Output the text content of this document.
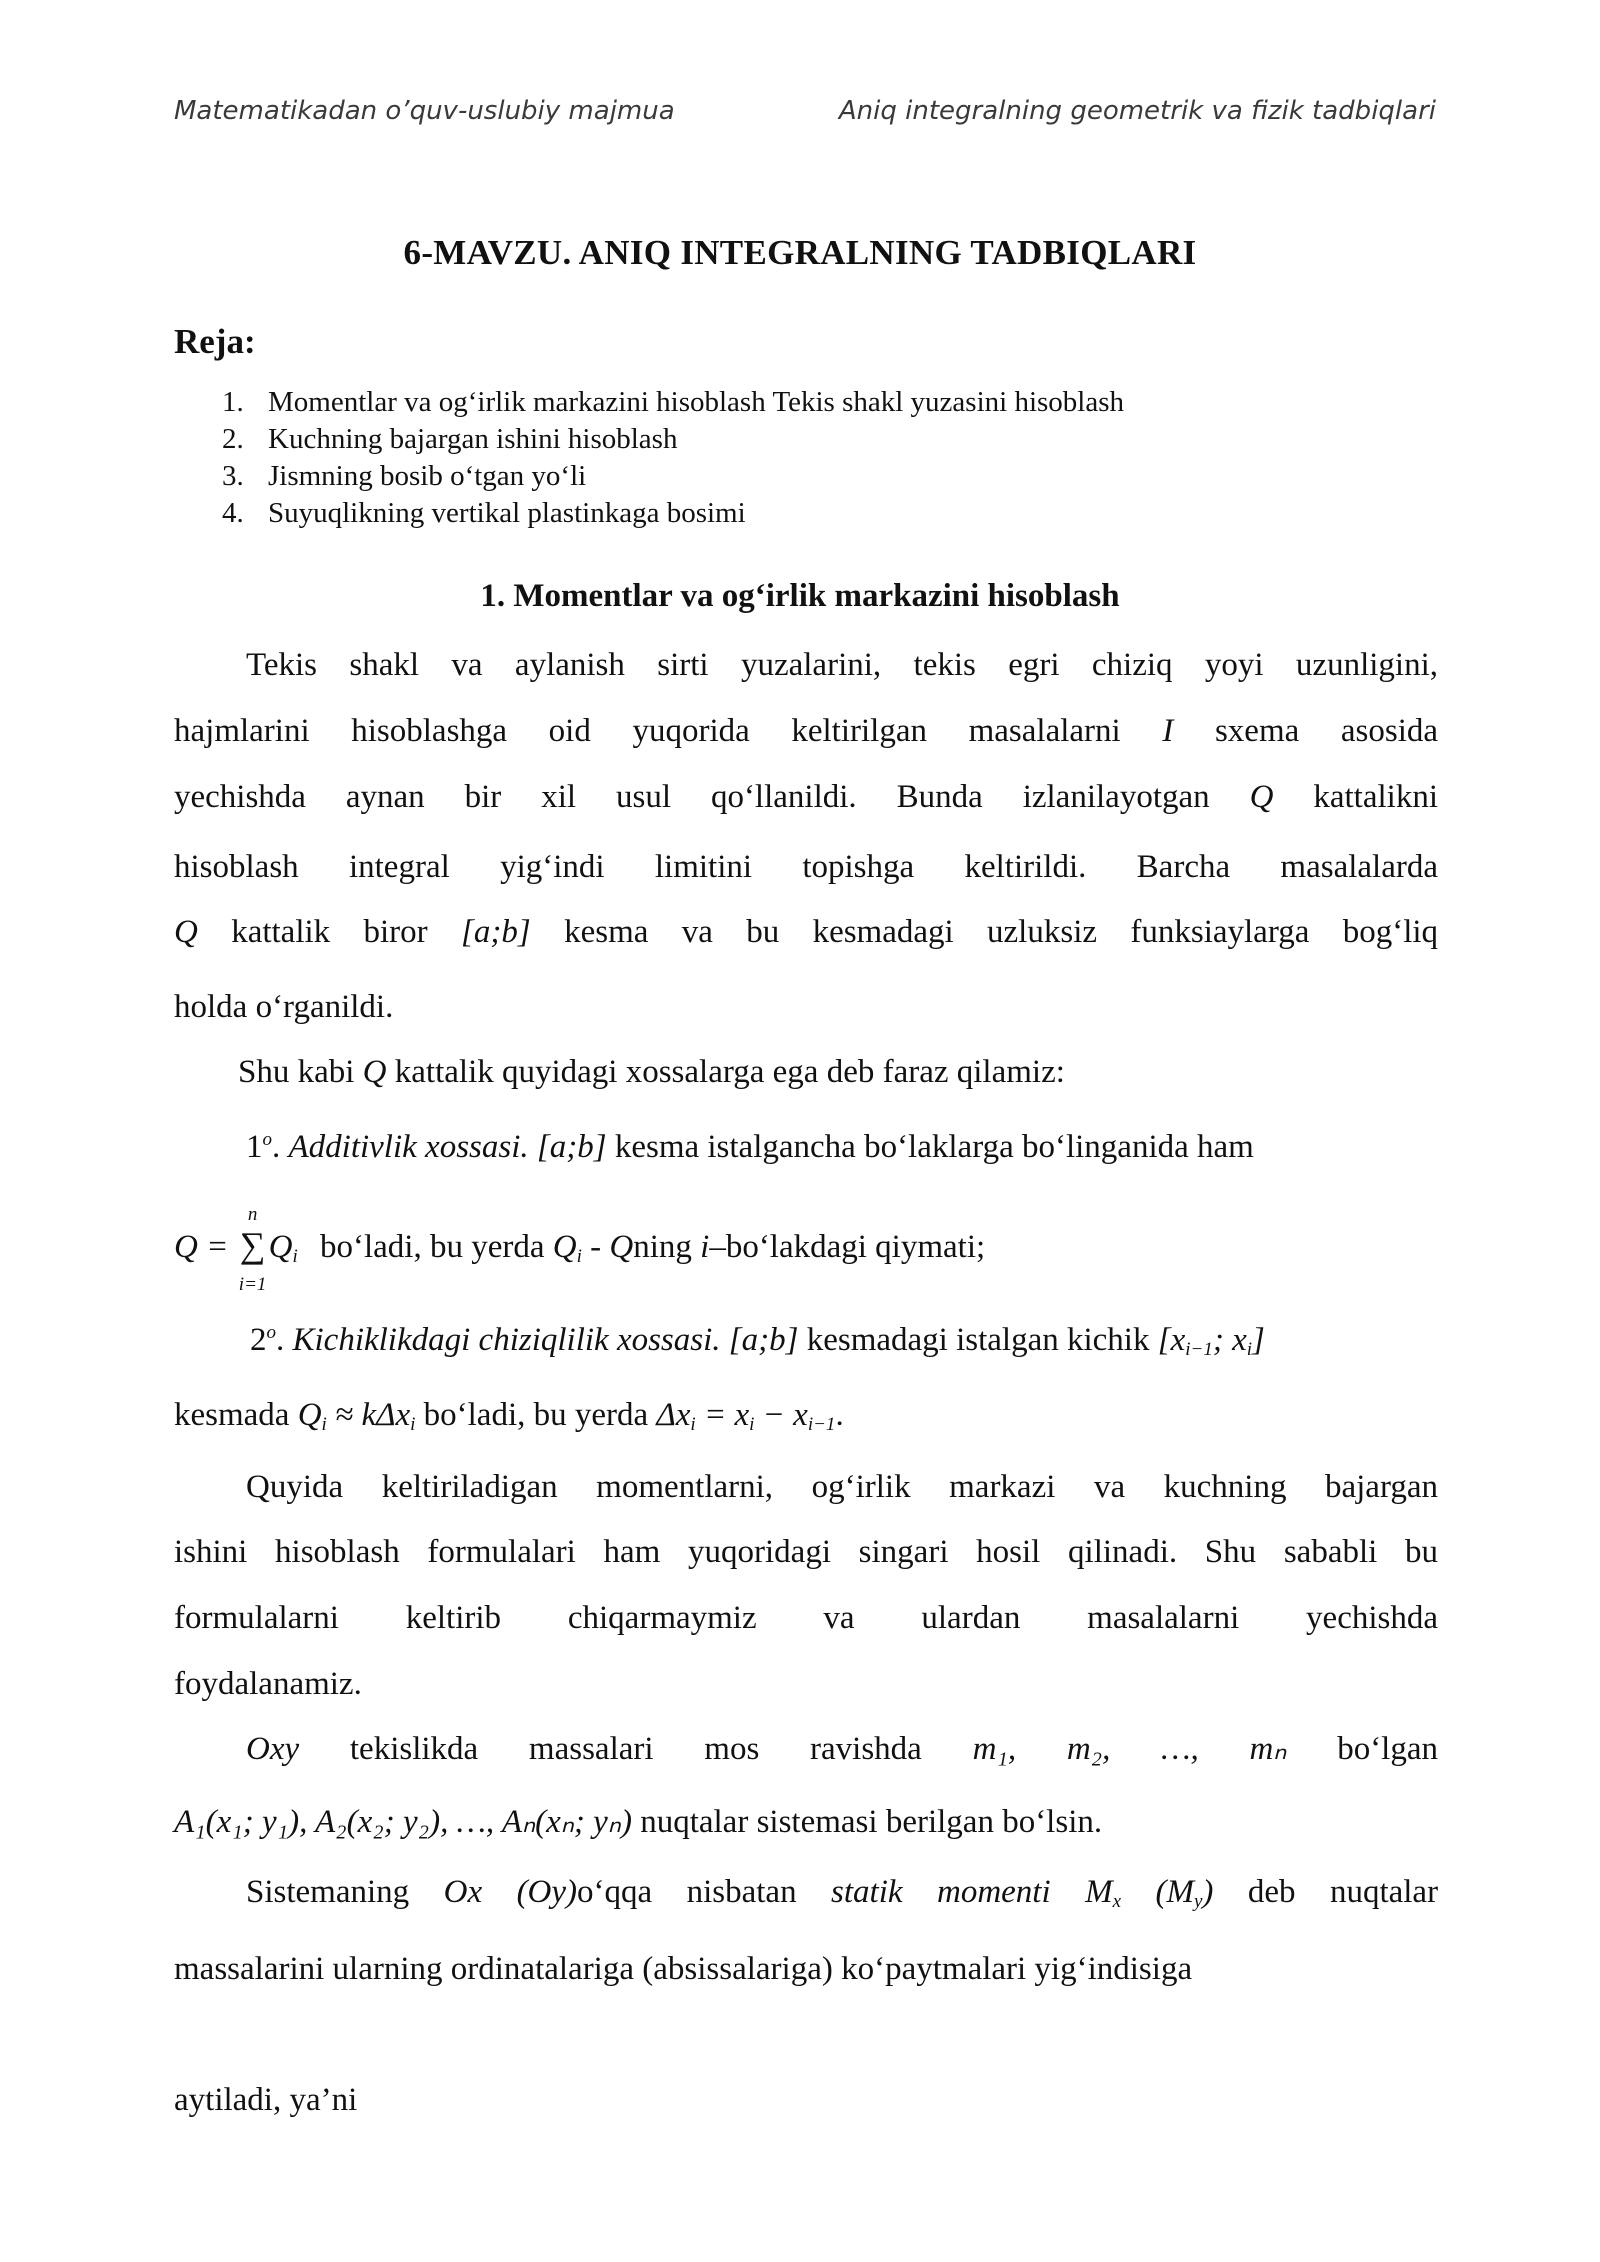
Matematikadan o’quv-uslubiy majmua	Aniq integralning geometrik va fizik tadbiqlari
6-MAVZU. ANIQ INTEGRALNING TADBIQLARI
Reja:
1. Momentlar va og‘irlik markazini hisoblash Tekis shakl yuzasini hisoblash
2. Kuchning bajargan ishini hisoblash
3. Jismning bosib o‘tgan yo‘li
4. Suyuqlikning vertikal plastinkaga bosimi
1. Momentlar va og‘irlik markazini hisoblash
Tekis shakl va aylanish sirti yuzalarini, tekis egri chiziq yoyi uzunligini,
hajmlarini hisoblashga oid yuqorida keltirilgan masalalarni I sxema asosida
yechishda aynan bir xil usul qo‘llanildi. Bunda izlanilayotgan Q kattalikni
hisoblash integral yig‘indi limitini topishga keltirildi. Barcha masalalarda
Q kattalik biror [a;b] kesma va bu kesmadagi uzluksiz funksiaylarga bog‘liq
holda o‘rganildi.
Shu kabi Q kattalik quyidagi xossalarga ega deb faraz qilamiz:
1$^o$. Additivlik xossasi. [a;b] kesma istalgancha bo‘laklarga bo‘linganida ham
Q = ∑
n
i=1
$Q_i$ bo‘ladi, bu yerda $Q_i$ - Qning i–bo‘lakdagi qiymati;
2$^o$. Kichiklikdagi chiziqlilik xossasi. [a;b] kesmadagi istalgan kichik [$x_{i-1}$; $x_i$]
kesmada $Q_i \approx k\Delta x_i$ bo‘ladi, bu yerda $\Delta x_i = x_i - x_{i-1}$.
Quyida keltiriladigan momentlarni, og‘irlik markazi va kuchning bajargan
ishini hisoblash formulalari ham yuqoridagi singari hosil qilinadi. Shu sababli bu
formulalarni keltirib chiqarmaymiz va ulardan masalalarni yechishda
foydalanamiz.
Oxy tekislikda massalari mos ravishda m₁, m₂, …, mₙ bo‘lgan
A₁(x₁; y₁), A₂(x₂; y₂), …, Aₙ(xₙ; yₙ) nuqtalar sistemasi berilgan bo‘lsin.
Sistemaning Ox (Oy)o‘qqa nisbatan statik momenti $M_x$ $(M_y)$ deb nuqtalar
massalarini ularning ordinatalariga (absissalariga) ko‘paytmalari yig‘indisiga
aytiladi, ya’ni
